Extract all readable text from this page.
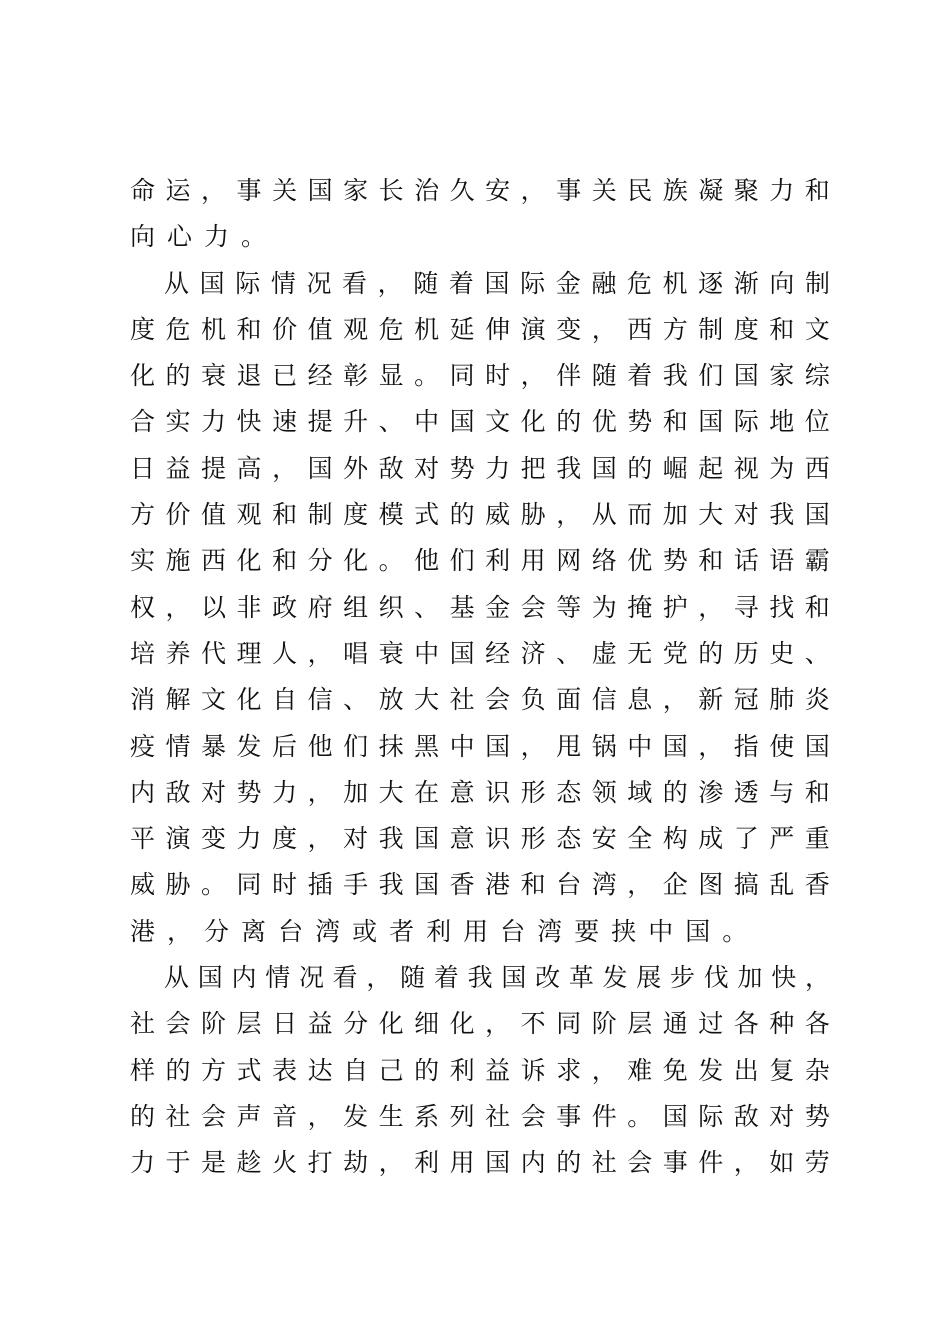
命 运 ， 事 关 国 家 长 治 久 安 ， 事 关 民 族 凝 聚 力 和
向 心 力 。
从 国 际 情 况 看 ， 随 着 国 际 金 融 危 机 逐 渐 向 制
度 危 机 和 价 值 观 危 机 延 伸 演 变 ， 西 方 制 度 和 文
化 的 衰 退 已 经 彰 显 。 同 时 ， 伴 随 着 我 们 国 家 综
合 实 力 快 速 提 升 、 中 国 文 化 的 优 势 和 国 际 地 位
日 益 提 高 ， 国 外 敌 对 势 力 把 我 国 的 崛 起 视 为 西
方 价 值 观 和 制 度 模 式 的 威 胁 ， 从 而 加 大 对 我 国
实 施 西 化 和 分 化 。 他 们 利 用 网 络 优 势 和 话 语 霸
权 ， 以 非 政 府 组 织 、 基 金 会 等 为 掩 护 ， 寻 找 和
培 养 代 理 人 ， 唱 衰 中 国 经 济 、 虚 无 党 的 历 史 、
消 解 文 化 自 信 、 放 大 社 会 负 面 信 息 ， 新 冠 肺 炎
疫 情 暴 发 后 他 们 抹 黑 中 国 ， 甩 锅 中 国 ， 指 使 国
内 敌 对 势 力 ， 加 大 在 意 识 形 态 领 域 的 渗 透 与 和
平 演 变 力 度 ， 对 我 国 意 识 形 态 安 全 构 成 了 严 重
威 胁 。 同 时 插 手 我 国 香 港 和 台 湾 ， 企 图 搞 乱 香
港 ， 分 离 台 湾 或 者 利 用 台 湾 要 挟 中 国 。
从 国 内 情 况 看 ， 随 着 我 国 改 革 发 展 步 伐 加 快 ，
社 会 阶 层 日 益 分 化 细 化 ， 不 同 阶 层 通 过 各 种 各
样 的 方 式 表 达 自 己 的 利 益 诉 求 ， 难 免 发 出 复 杂
的 社 会 声 音 ， 发 生 系 列 社 会 事 件 。 国 际 敌 对 势
力 于 是 趁 火 打 劫 ， 利 用 国 内 的 社 会 事 件 ， 如 劳
